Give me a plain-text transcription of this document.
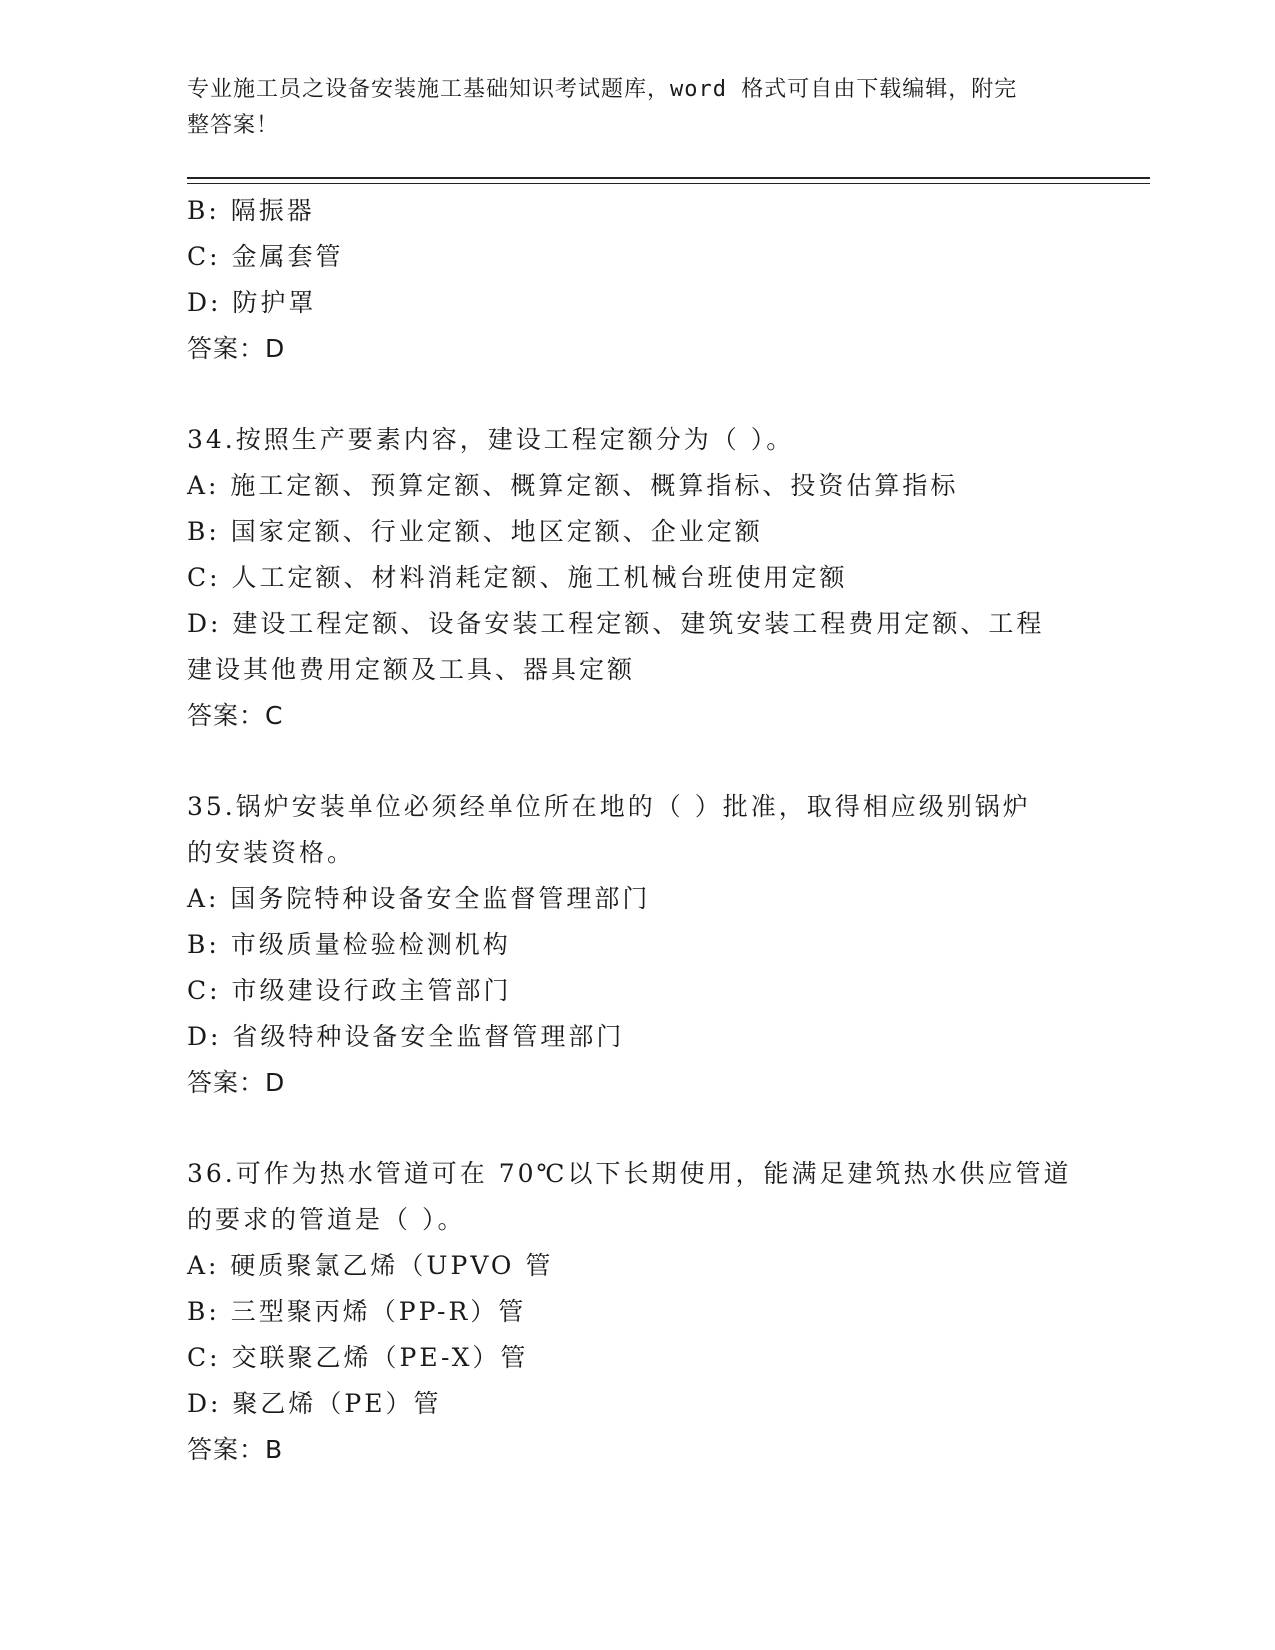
专业施工员之设备安装施工基础知识考试题库，word 格式可自由下载编辑，附完
整答案！
B: 隔振器
C: 金属套管
D: 防护罩
答案：D
34.按照生产要素内容，建设工程定额分为（ ）。
A: 施工定额、预算定额、概算定额、概算指标、投资估算指标
B: 国家定额、行业定额、地区定额、企业定额
C: 人工定额、材料消耗定额、施工机械台班使用定额
D: 建设工程定额、设备安装工程定额、建筑安装工程费用定额、工程
建设其他费用定额及工具、器具定额
答案：C
35.锅炉安装单位必须经单位所在地的（ ）批准，取得相应级别锅炉
的安装资格。
A: 国务院特种设备安全监督管理部门
B: 市级质量检验检测机构
C: 市级建设行政主管部门
D: 省级特种设备安全监督管理部门
答案：D
36.可作为热水管道可在 70℃以下长期使用，能满足建筑热水供应管道
的要求的管道是（ ）。
A: 硬质聚氯乙烯（UPVO 管
B: 三型聚丙烯（PP-R）管
C: 交联聚乙烯（PE-X）管
D: 聚乙烯（PE）管
答案：B
